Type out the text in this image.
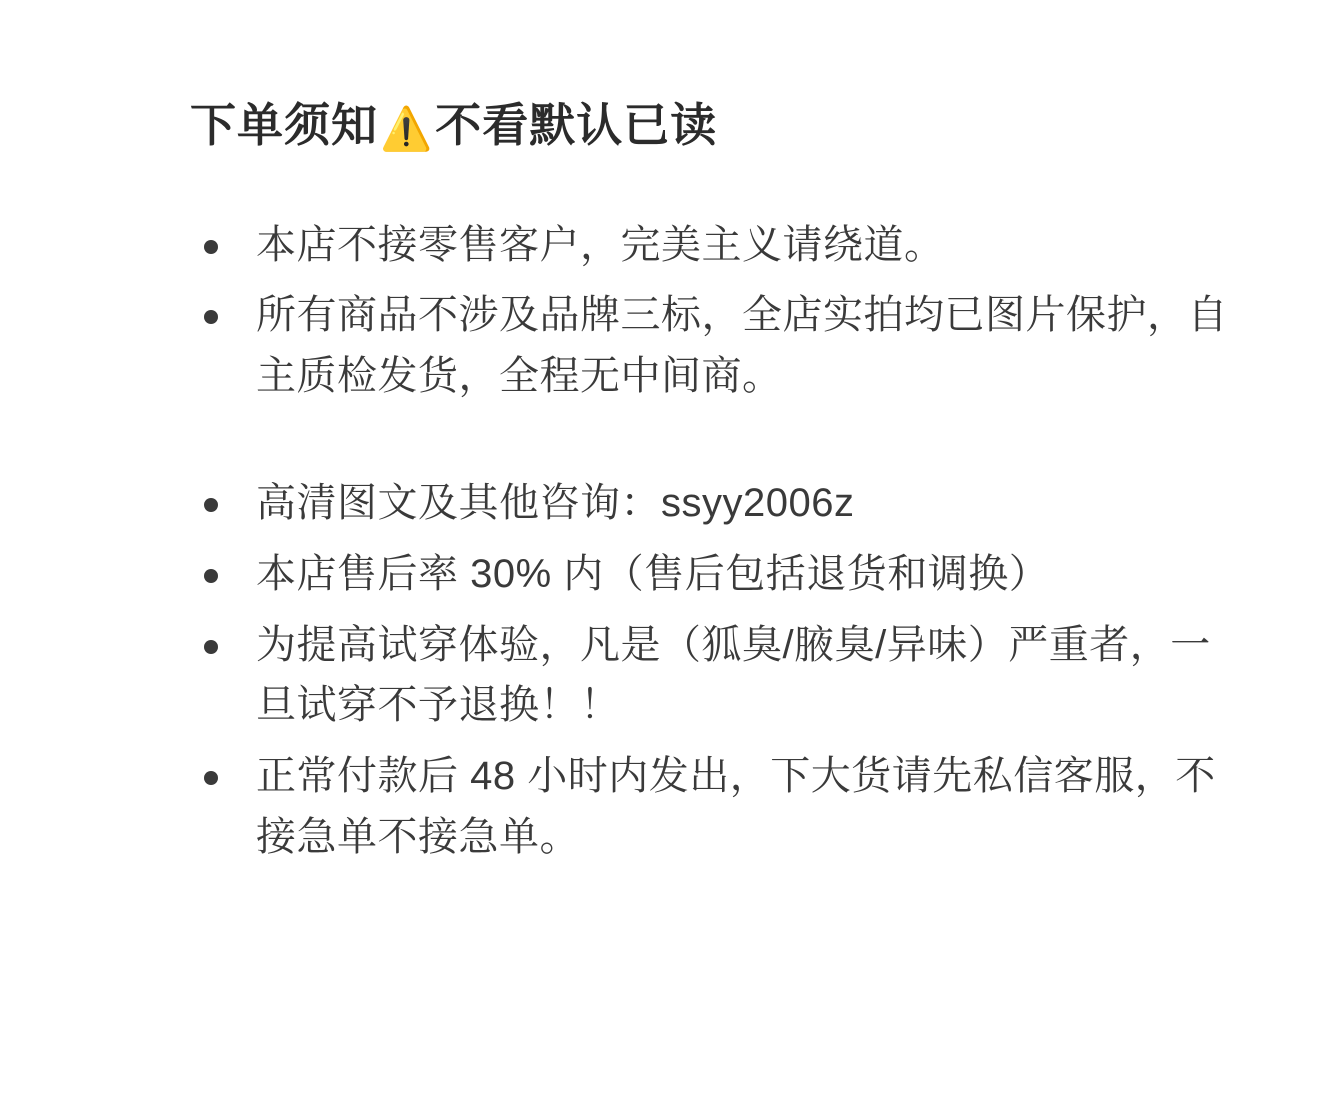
下单须知⚠️不看默认已读
本店不接零售客户，完美主义请绕道。
所有商品不涉及品牌三标，全店实拍均已图片保护，自主质检发货，全程无中间商。
高清图文及其他咨询：ssyy2006z
本店售后率 30% 内（售后包括退货和调换）
为提高试穿体验，凡是（狐臭/腋臭/异味）严重者，一旦试穿不予退换！！
正常付款后 48 小时内发出，下大货请先私信客服，不接急单不接急单。
